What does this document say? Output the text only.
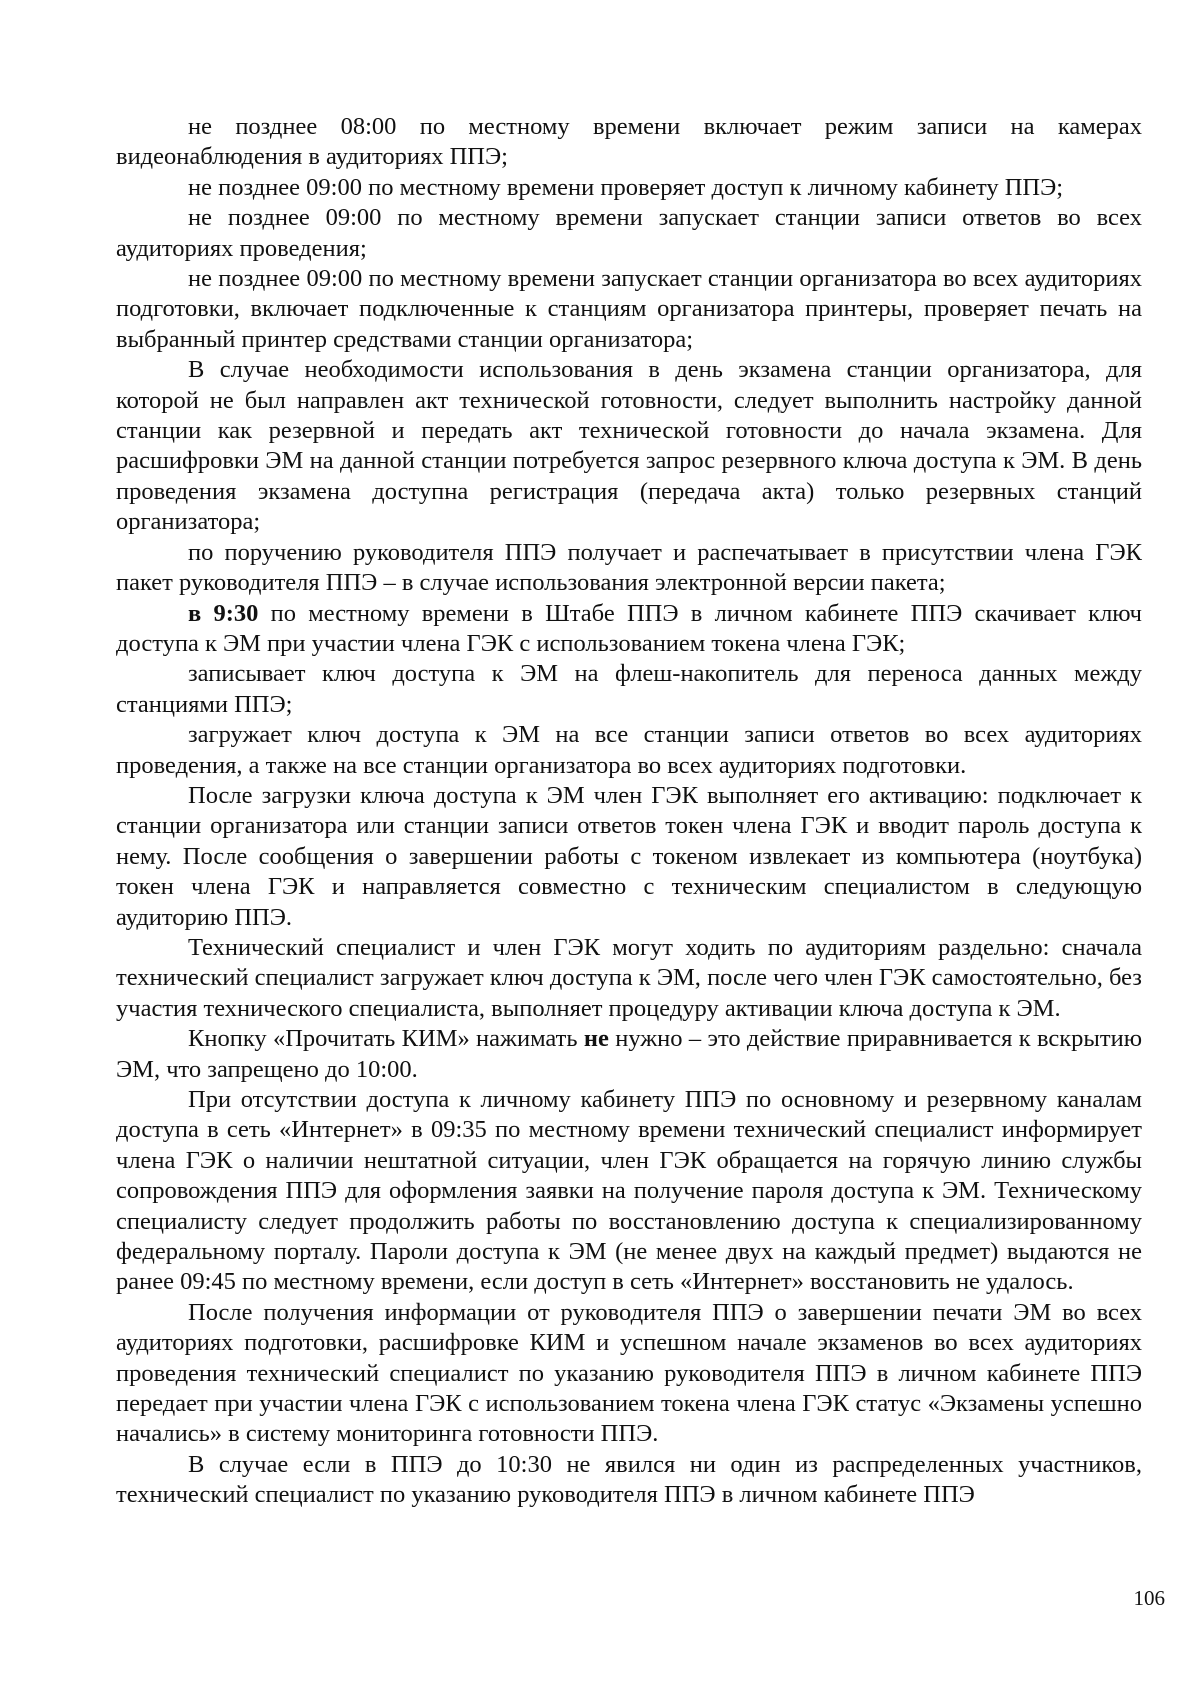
не позднее 08:00 по местному времени включает режим записи на камерах видеонаблюдения в аудиториях ППЭ;

не позднее 09:00 по местному времени проверяет доступ к личному кабинету ППЭ;

не позднее 09:00 по местному времени запускает станции записи ответов во всех аудиториях проведения;

не позднее 09:00 по местному времени запускает станции организатора во всех аудиториях подготовки, включает подключенные к станциям организатора принтеры, проверяет печать на выбранный принтер средствами станции организатора;

В случае необходимости использования в день экзамена станции организатора, для которой не был направлен акт технической готовности, следует выполнить настройку данной станции как резервной и передать акт технической готовности до начала экзамена. Для расшифровки ЭМ на данной станции потребуется запрос резервного ключа доступа к ЭМ. В день проведения экзамена доступна регистрация (передача акта) только резервных станций организатора;

по поручению руководителя ППЭ получает и распечатывает в присутствии члена ГЭК пакет руководителя ППЭ – в случае использования электронной версии пакета;

в 9:30 по местному времени в Штабе ППЭ в личном кабинете ППЭ скачивает ключ доступа к ЭМ при участии члена ГЭК с использованием токена члена ГЭК;

записывает ключ доступа к ЭМ на флеш-накопитель для переноса данных между станциями ППЭ;

загружает ключ доступа к ЭМ на все станции записи ответов во всех аудиториях проведения, а также на все станции организатора во всех аудиториях подготовки.

После загрузки ключа доступа к ЭМ член ГЭК выполняет его активацию: подключает к станции организатора или станции записи ответов токен члена ГЭК и вводит пароль доступа к нему. После сообщения о завершении работы с токеном извлекает из компьютера (ноутбука) токен члена ГЭК и направляется совместно с техническим специалистом в следующую аудиторию ППЭ.

Технический специалист и член ГЭК могут ходить по аудиториям раздельно: сначала технический специалист загружает ключ доступа к ЭМ, после чего член ГЭК самостоятельно, без участия технического специалиста, выполняет процедуру активации ключа доступа к ЭМ.

Кнопку «Прочитать КИМ» нажимать не нужно – это действие приравнивается к вскрытию ЭМ, что запрещено до 10:00.

При отсутствии доступа к личному кабинету ППЭ по основному и резервному каналам доступа в сеть «Интернет» в 09:35 по местному времени технический специалист информирует члена ГЭК о наличии нештатной ситуации, член ГЭК обращается на горячую линию службы сопровождения ППЭ для оформления заявки на получение пароля доступа к ЭМ. Техническому специалисту следует продолжить работы по восстановлению доступа к специализированному федеральному порталу. Пароли доступа к ЭМ (не менее двух на каждый предмет) выдаются не ранее 09:45 по местному времени, если доступ в сеть «Интернет» восстановить не удалось.

После получения информации от руководителя ППЭ о завершении печати ЭМ во всех аудиториях подготовки, расшифровке КИМ и успешном начале экзаменов во всех аудиториях проведения технический специалист по указанию руководителя ППЭ в личном кабинете ППЭ передает при участии члена ГЭК с использованием токена члена ГЭК статус «Экзамены успешно начались» в систему мониторинга готовности ППЭ.

В случае если в ППЭ до 10:30 не явился ни один из распределенных участников, технический специалист по указанию руководителя ППЭ в личном кабинете ППЭ

106
